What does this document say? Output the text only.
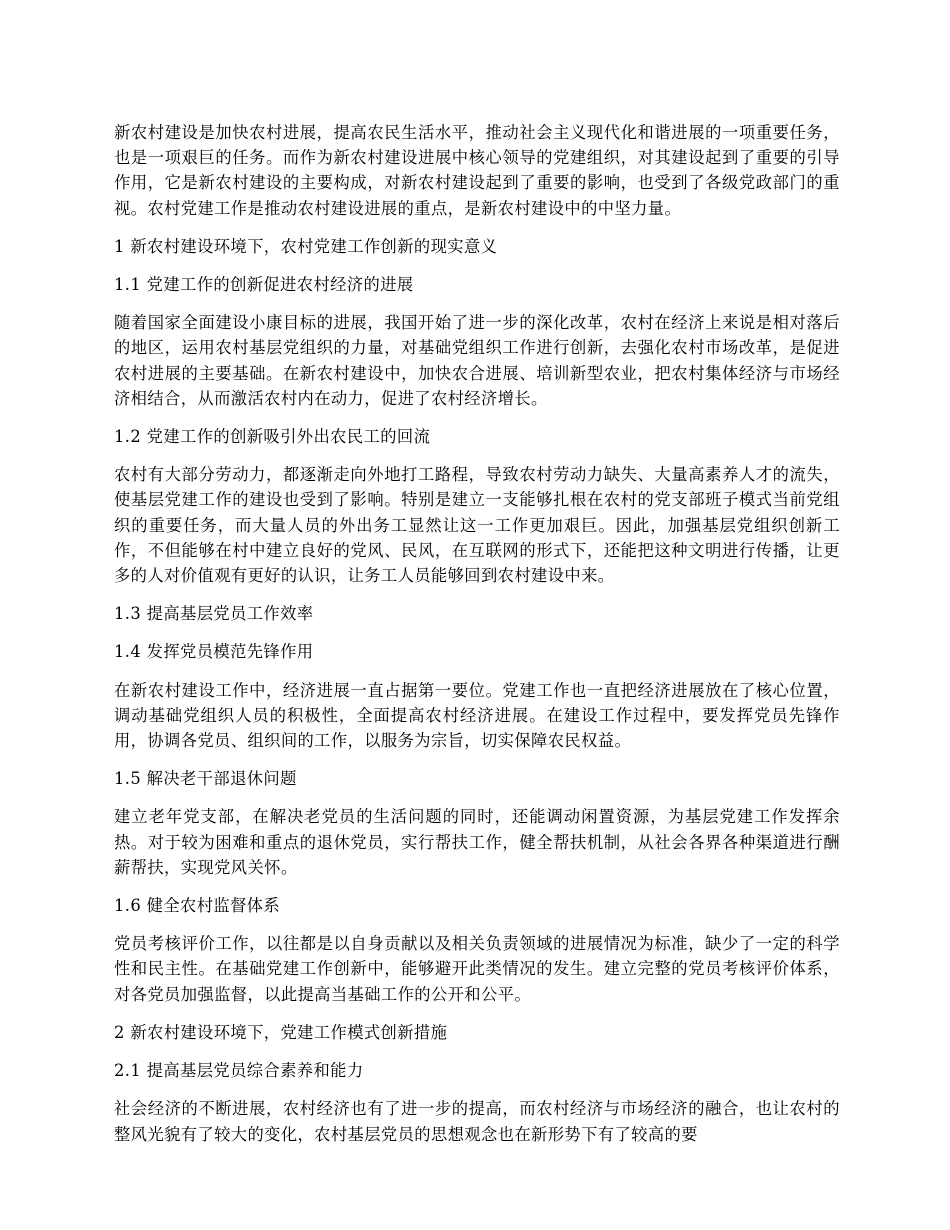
新农村建设是加快农村进展，提高农民生活水平，推动社会主义现代化和谐进展的一项重要任务，也是一项艰巨的任务。而作为新农村建设进展中核心领导的党建组织，对其建设起到了重要的引导作用，它是新农村建设的主要构成，对新农村建设起到了重要的影响，也受到了各级党政部门的重视。农村党建工作是推动农村建设进展的重点，是新农村建设中的中坚力量。

1 新农村建设环境下，农村党建工作创新的现实意义

1.1 党建工作的创新促进农村经济的进展

随着国家全面建设小康目标的进展，我国开始了进一步的深化改革，农村在经济上来说是相对落后的地区，运用农村基层党组织的力量，对基础党组织工作进行创新，去强化农村市场改革，是促进农村进展的主要基础。在新农村建设中，加快农合进展、培训新型农业，把农村集体经济与市场经济相结合，从而激活农村内在动力，促进了农村经济增长。

1.2 党建工作的创新吸引外出农民工的回流

农村有大部分劳动力，都逐渐走向外地打工路程，导致农村劳动力缺失、大量高素养人才的流失，使基层党建工作的建设也受到了影响。特别是建立一支能够扎根在农村的党支部班子模式当前党组织的重要任务，而大量人员的外出务工显然让这一工作更加艰巨。因此，加强基层党组织创新工作，不但能够在村中建立良好的党风、民风，在互联网的形式下，还能把这种文明进行传播，让更多的人对价值观有更好的认识，让务工人员能够回到农村建设中来。

1.3 提高基层党员工作效率

1.4 发挥党员模范先锋作用

在新农村建设工作中，经济进展一直占据第一要位。党建工作也一直把经济进展放在了核心位置，调动基础党组织人员的积极性，全面提高农村经济进展。在建设工作过程中，要发挥党员先锋作用，协调各党员、组织间的工作，以服务为宗旨，切实保障农民权益。

1.5 解决老干部退休问题

建立老年党支部，在解决老党员的生活问题的同时，还能调动闲置资源，为基层党建工作发挥余热。对于较为困难和重点的退休党员，实行帮扶工作，健全帮扶机制，从社会各界各种渠道进行酬薪帮扶，实现党风关怀。

1.6 健全农村监督体系

党员考核评价工作，以往都是以自身贡献以及相关负责领域的进展情况为标准，缺少了一定的科学性和民主性。在基础党建工作创新中，能够避开此类情况的发生。建立完整的党员考核评价体系，对各党员加强监督，以此提高当基础工作的公开和公平。

2 新农村建设环境下，党建工作模式创新措施

2.1 提高基层党员综合素养和能力

社会经济的不断进展，农村经济也有了进一步的提高，而农村经济与市场经济的融合，也让农村的整风光貌有了较大的变化，农村基层党员的思想观念也在新形势下有了较高的要
